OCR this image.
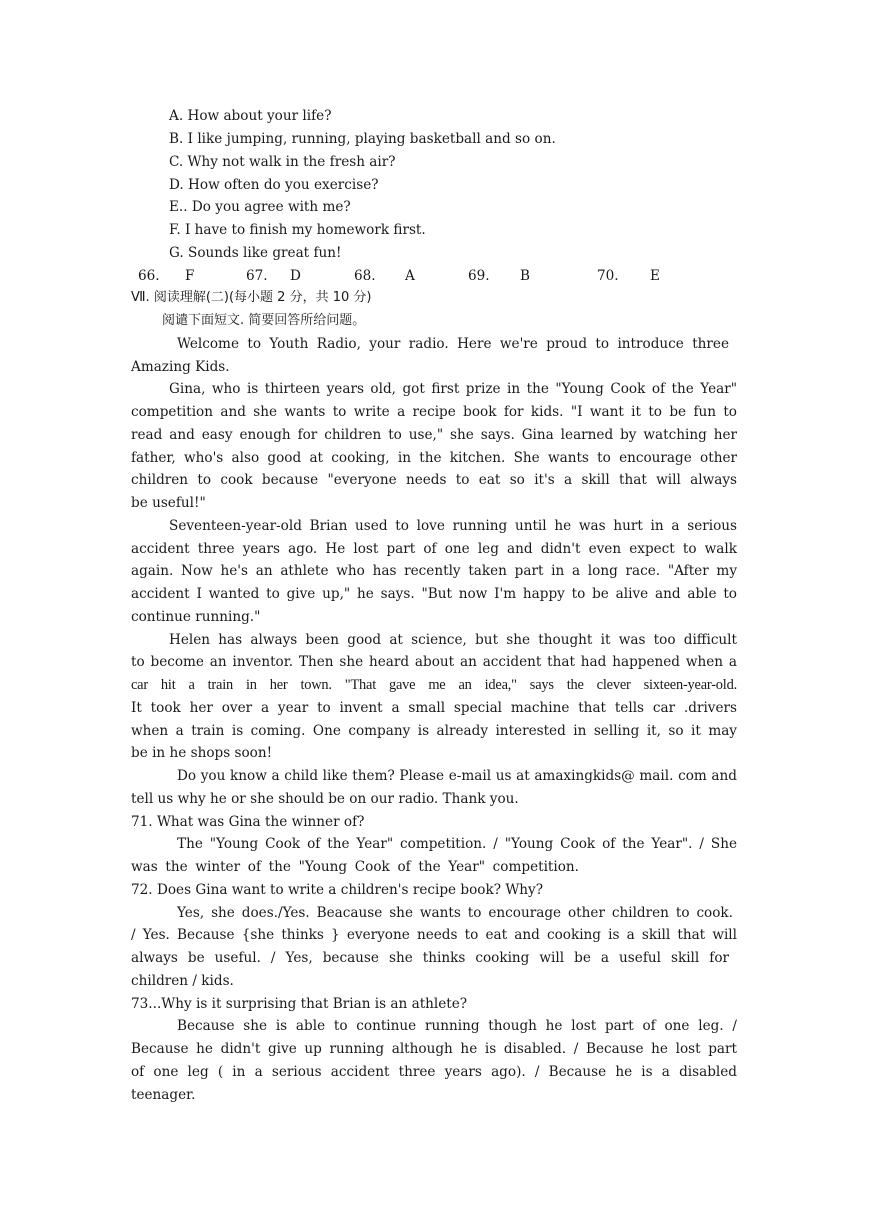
A. How about your life?
B. I like jumping, running, playing basketball and so on.
C. Why not walk in the fresh air?
D. How often do you exercise?
E.. Do you agree with me?
F. I have to finish my homework first.
G. Sounds like great fun!
66. F	67. D	68. A	69. B	70. E
Ⅶ. 阅读理解(二)(每小题 2 分，共 10 分)
阅谴下面短文. 简要回答所给问题。
Welcome to Youth Radio, your radio. Here we're proud to introduce three
Amazing Kids.
Gina, who is thirteen years old, got first prize in the "Young Cook of the Year"
competition and she wants to write a recipe book for kids. "I want it to be fun to
read and easy enough for children to use," she says. Gina learned by watching her
father, who's also good at cooking, in the kitchen. She wants to encourage other
children to cook because "everyone needs to eat so it's a skill that will always
be useful!"
Seventeen-year-old Brian used to love running until he was hurt in a serious
accident three years ago. He lost part of one leg and didn't even expect to walk
again. Now he's an athlete who has recently taken part in a long race. "After my
accident I wanted to give up," he says. "But now I'm happy to be alive and able to
continue running."
Helen has always been good at science, but she thought it was too difficult
to become an inventor. Then she heard about an accident that had happened when a
car hit a train in her town. "That gave me an idea," says the clever sixteen-year-old.
It took her over a year to invent a small special machine that tells car .drivers
when a train is coming. One company is already interested in selling it, so it may
be in he shops soon!
Do you know a child like them? Please e-mail us at amaxingkids@ mail. com and
tell us why he or she should be on our radio. Thank you.
71. What was Gina the winner of?
The "Young Cook of the Year" competition. / "Young Cook of the Year". / She
was the winter of the "Young Cook of the Year" competition.
72. Does Gina want to write a children's recipe book? Why?
Yes, she does./Yes. Beacause she wants to encourage other children to cook.
/ Yes. Because {she thinks } everyone needs to eat and cooking is a skill that will
always be useful. / Yes, because she thinks cooking will be a useful skill for
children / kids.
73...Why is it surprising that Brian is an athlete?
Because she is able to continue running though he lost part of one leg. /
Because he didn't give up running although he is disabled. / Because he lost part
of one leg ( in a serious accident three years ago). / Because he is a disabled
teenager.
